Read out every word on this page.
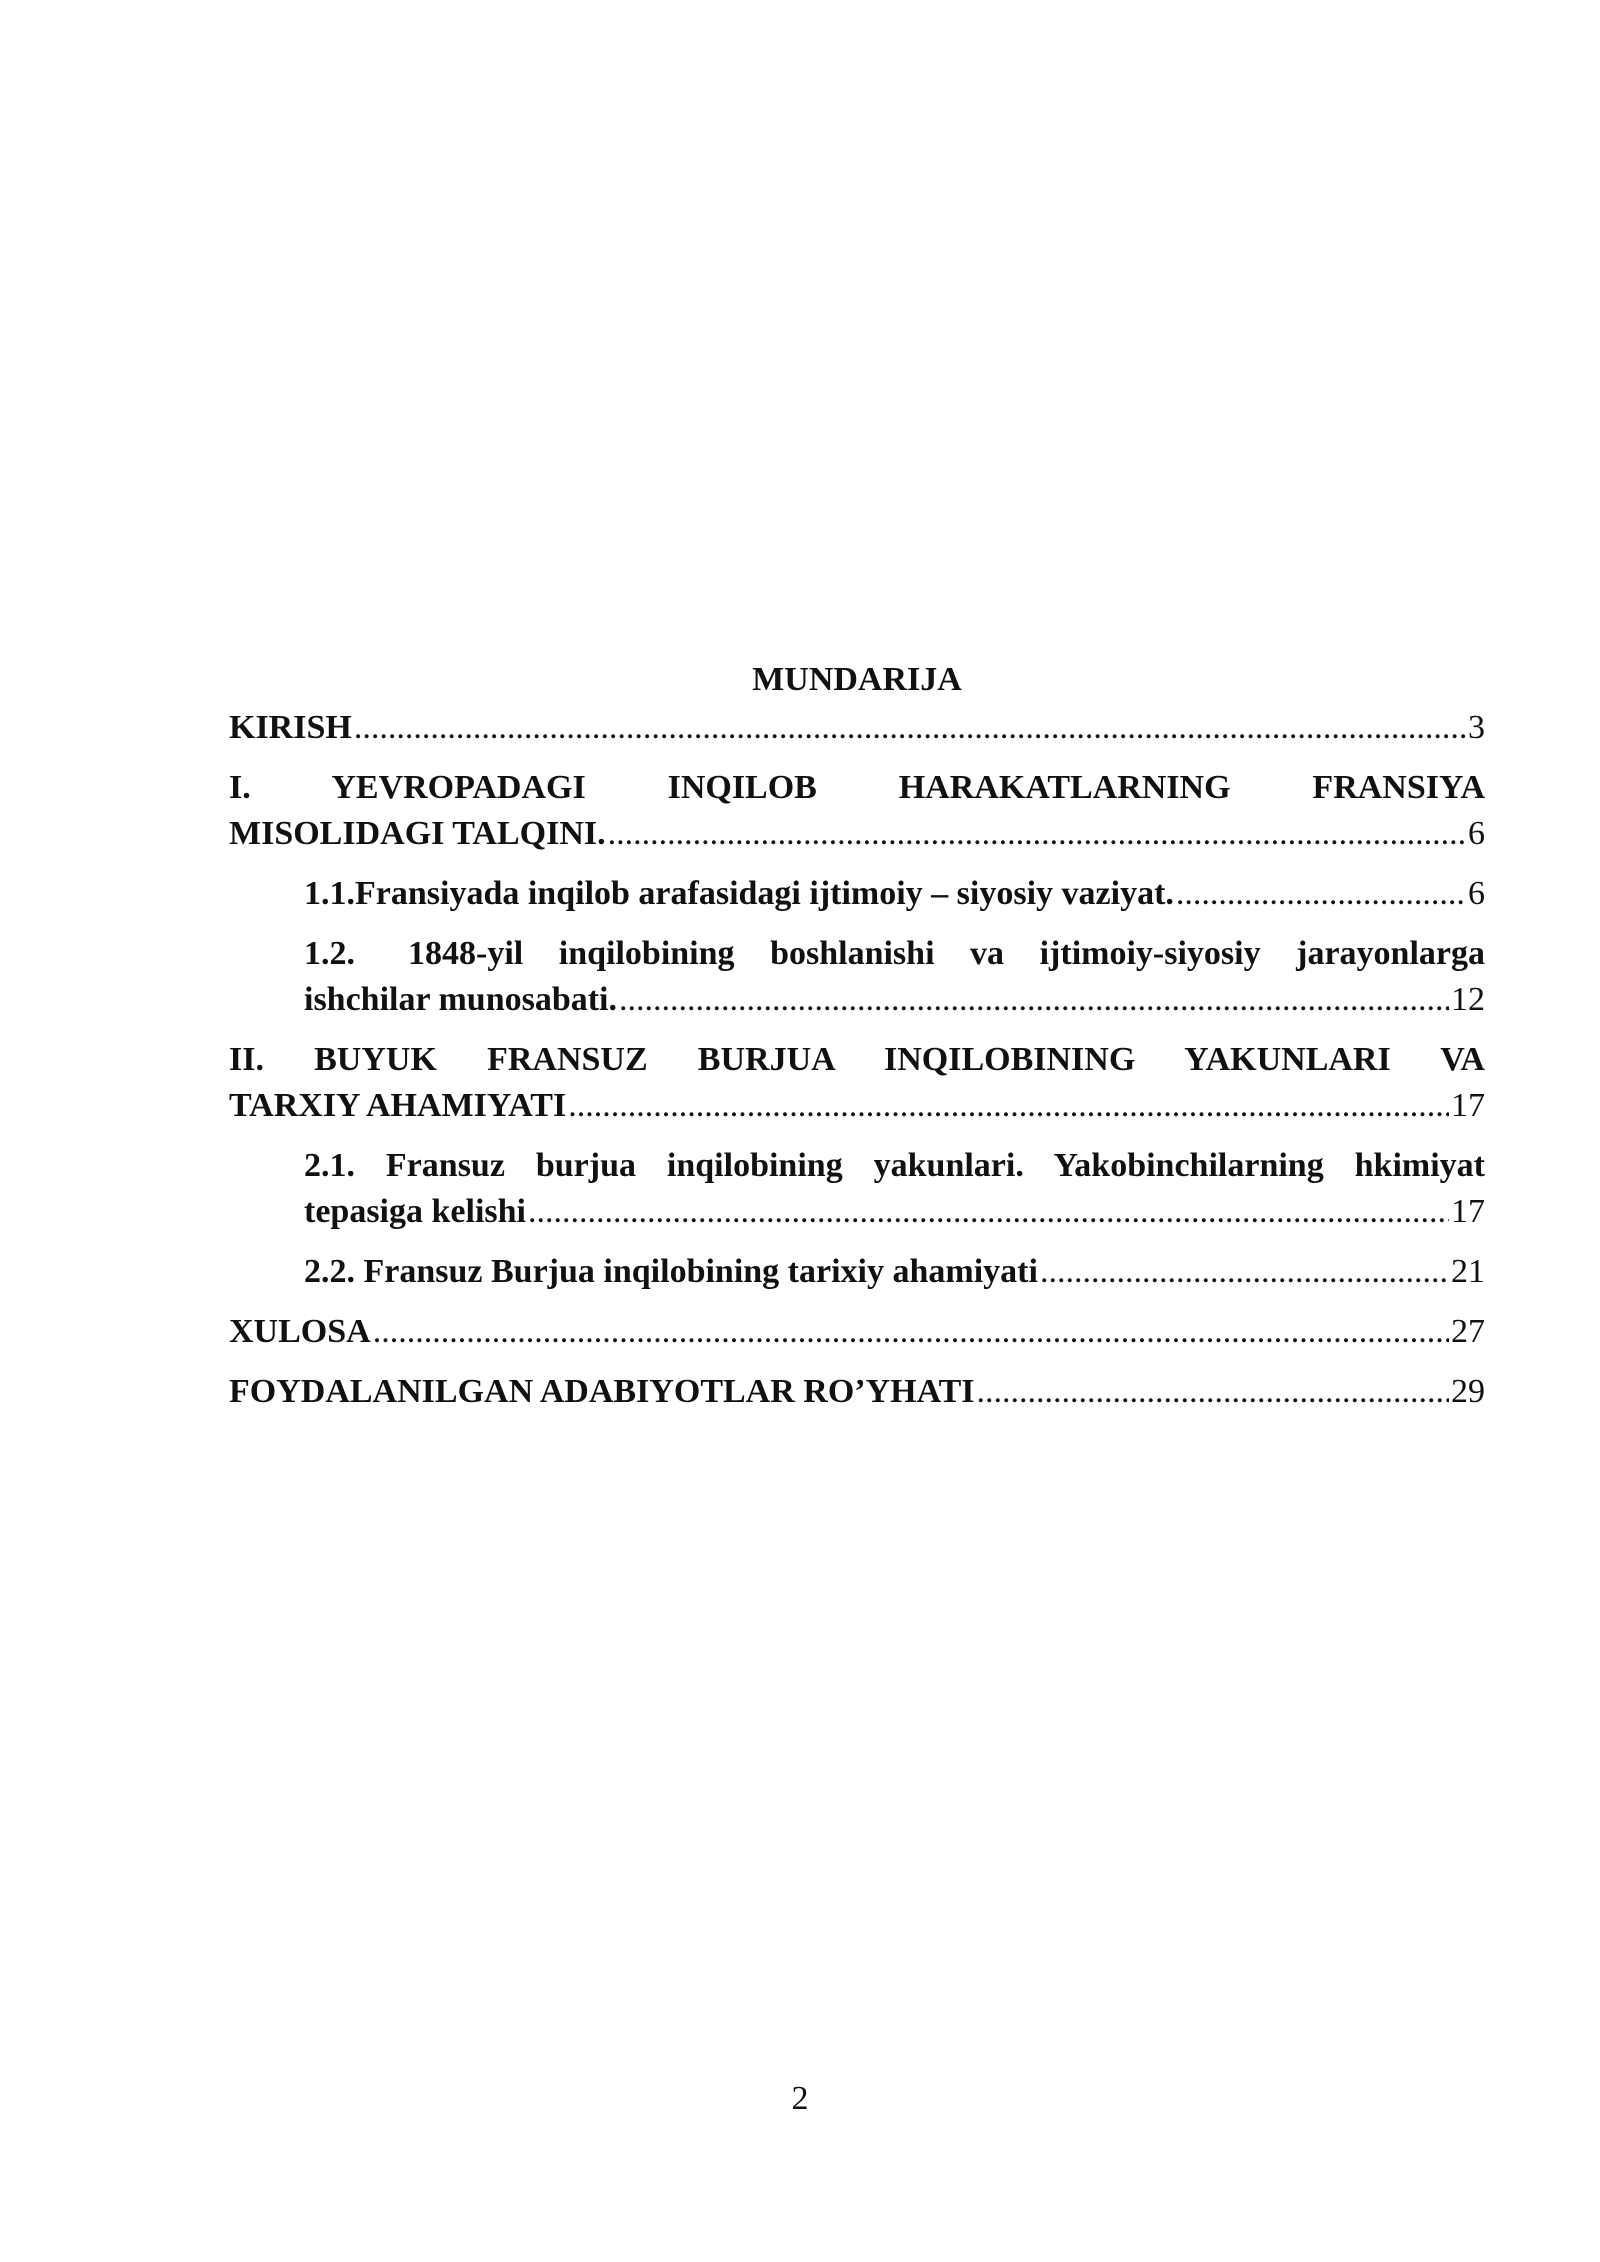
MUNDARIJA
KIRISH .....	3
I. YEVROPADAGI INQILOB HARAKATLARNING FRANSIYA
MISOLIDAGI TALQINI. .....	6
1.1. Fransiyada inqilob arafasidagi ijtimoiy – siyosiy vaziyat. .....	6
1.2.	1848-yil inqilobining boshlanishi va ijtimoiy-siyosiy jarayonlarga
ishchilar munosabati. .....	12
II. BUYUK FRANSUZ BURJUA INQILOBINING YAKUNLARI VA
TARXIY AHAMIYATI .....	17
2.1. Fransuz burjua inqilobining yakunlari. Yakobinchilarning hkimiyat
tepasiga kelishi .....	17
2.2. Fransuz Burjua inqilobining tarixiy ahamiyati .....	21
XULOSA .....	27
FOYDALANILGAN ADABIYOTLAR RO’YHATI .....	29
2
